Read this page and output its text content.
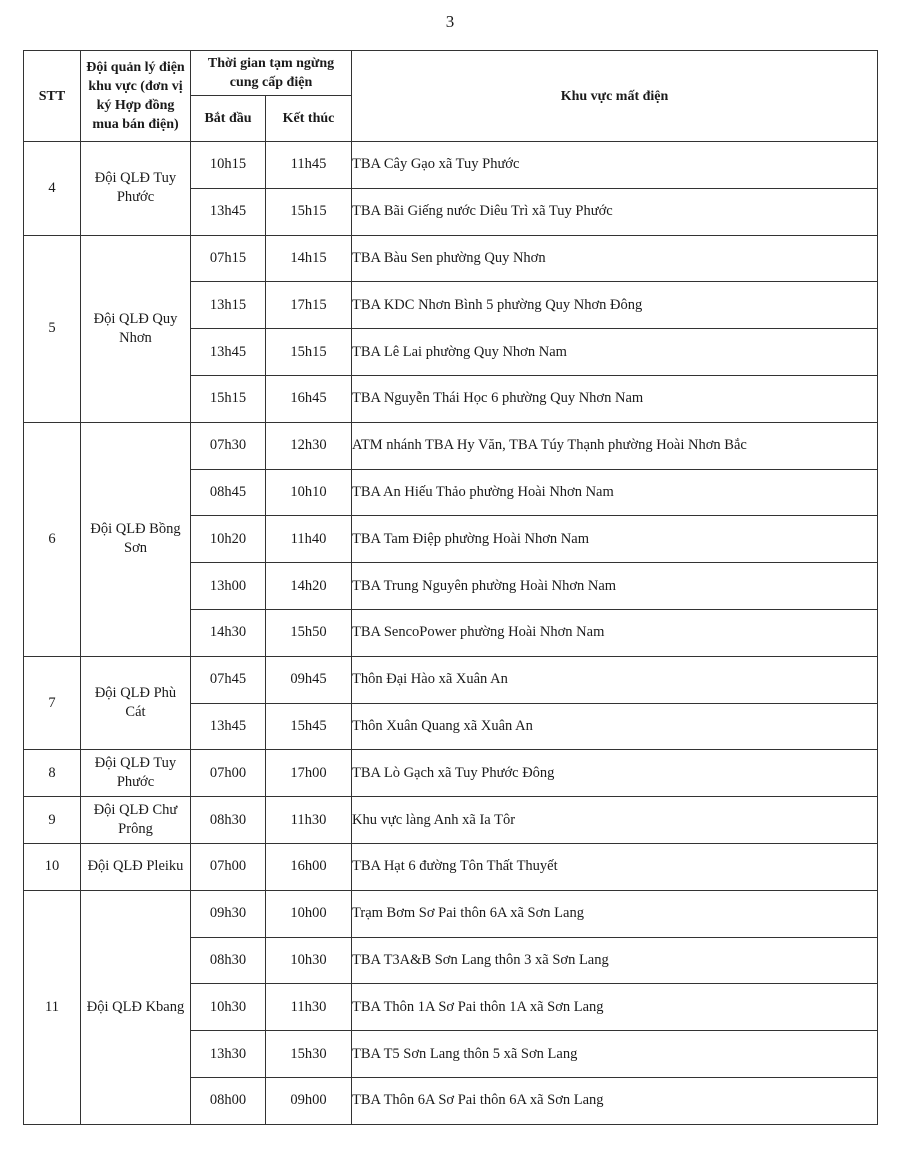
3
STT	Đội quản lý điện khu vực (đơn vị ký Hợp đồng mua bán điện)	Thời gian tạm ngừng cung cấp điện		Khu vực mất điện
		Bắt đầu	Kết thúc	
4	Đội QLĐ Tuy Phước	10h15	11h45	TBA Cây Gạo xã Tuy Phước
		13h45	15h15	TBA Bãi Giếng nước Diêu Trì xã Tuy Phước
5	Đội QLĐ Quy Nhơn	07h15	14h15	TBA Bàu Sen phường Quy Nhơn
		13h15	17h15	TBA KDC Nhơn Bình 5 phường Quy Nhơn Đông
		13h45	15h15	TBA Lê Lai phường Quy Nhơn Nam
		15h15	16h45	TBA Nguyễn Thái Học 6 phường Quy Nhơn Nam
6	Đội QLĐ Bồng Sơn	07h30	12h30	ATM nhánh TBA Hy Văn, TBA Túy Thạnh phường Hoài Nhơn Bắc
		08h45	10h10	TBA An Hiếu Thảo phường Hoài Nhơn Nam
		10h20	11h40	TBA Tam Điệp phường Hoài Nhơn Nam
		13h00	14h20	TBA Trung Nguyên phường Hoài Nhơn Nam
		14h30	15h50	TBA SencoPower phường Hoài Nhơn Nam
7	Đội QLĐ Phù Cát	07h45	09h45	Thôn Đại Hào xã Xuân An
		13h45	15h45	Thôn Xuân Quang xã Xuân An
8	Đội QLĐ Tuy Phước	07h00	17h00	TBA Lò Gạch xã Tuy Phước Đông
9	Đội QLĐ Chư Prông	08h30	11h30	Khu vực làng Anh xã Ia Tôr
10	Đội QLĐ Pleiku	07h00	16h00	TBA Hạt 6 đường Tôn Thất Thuyết
11	Đội QLĐ Kbang	09h30	10h00	Trạm Bơm Sơ Pai thôn 6A xã Sơn Lang
		08h30	10h30	TBA T3A&B Sơn Lang thôn 3 xã Sơn Lang
		10h30	11h30	TBA Thôn 1A Sơ Pai thôn 1A xã Sơn Lang
		13h30	15h30	TBA T5 Sơn Lang thôn 5 xã Sơn Lang
		08h00	09h00	TBA Thôn 6A Sơ Pai thôn 6A xã Sơn Lang
